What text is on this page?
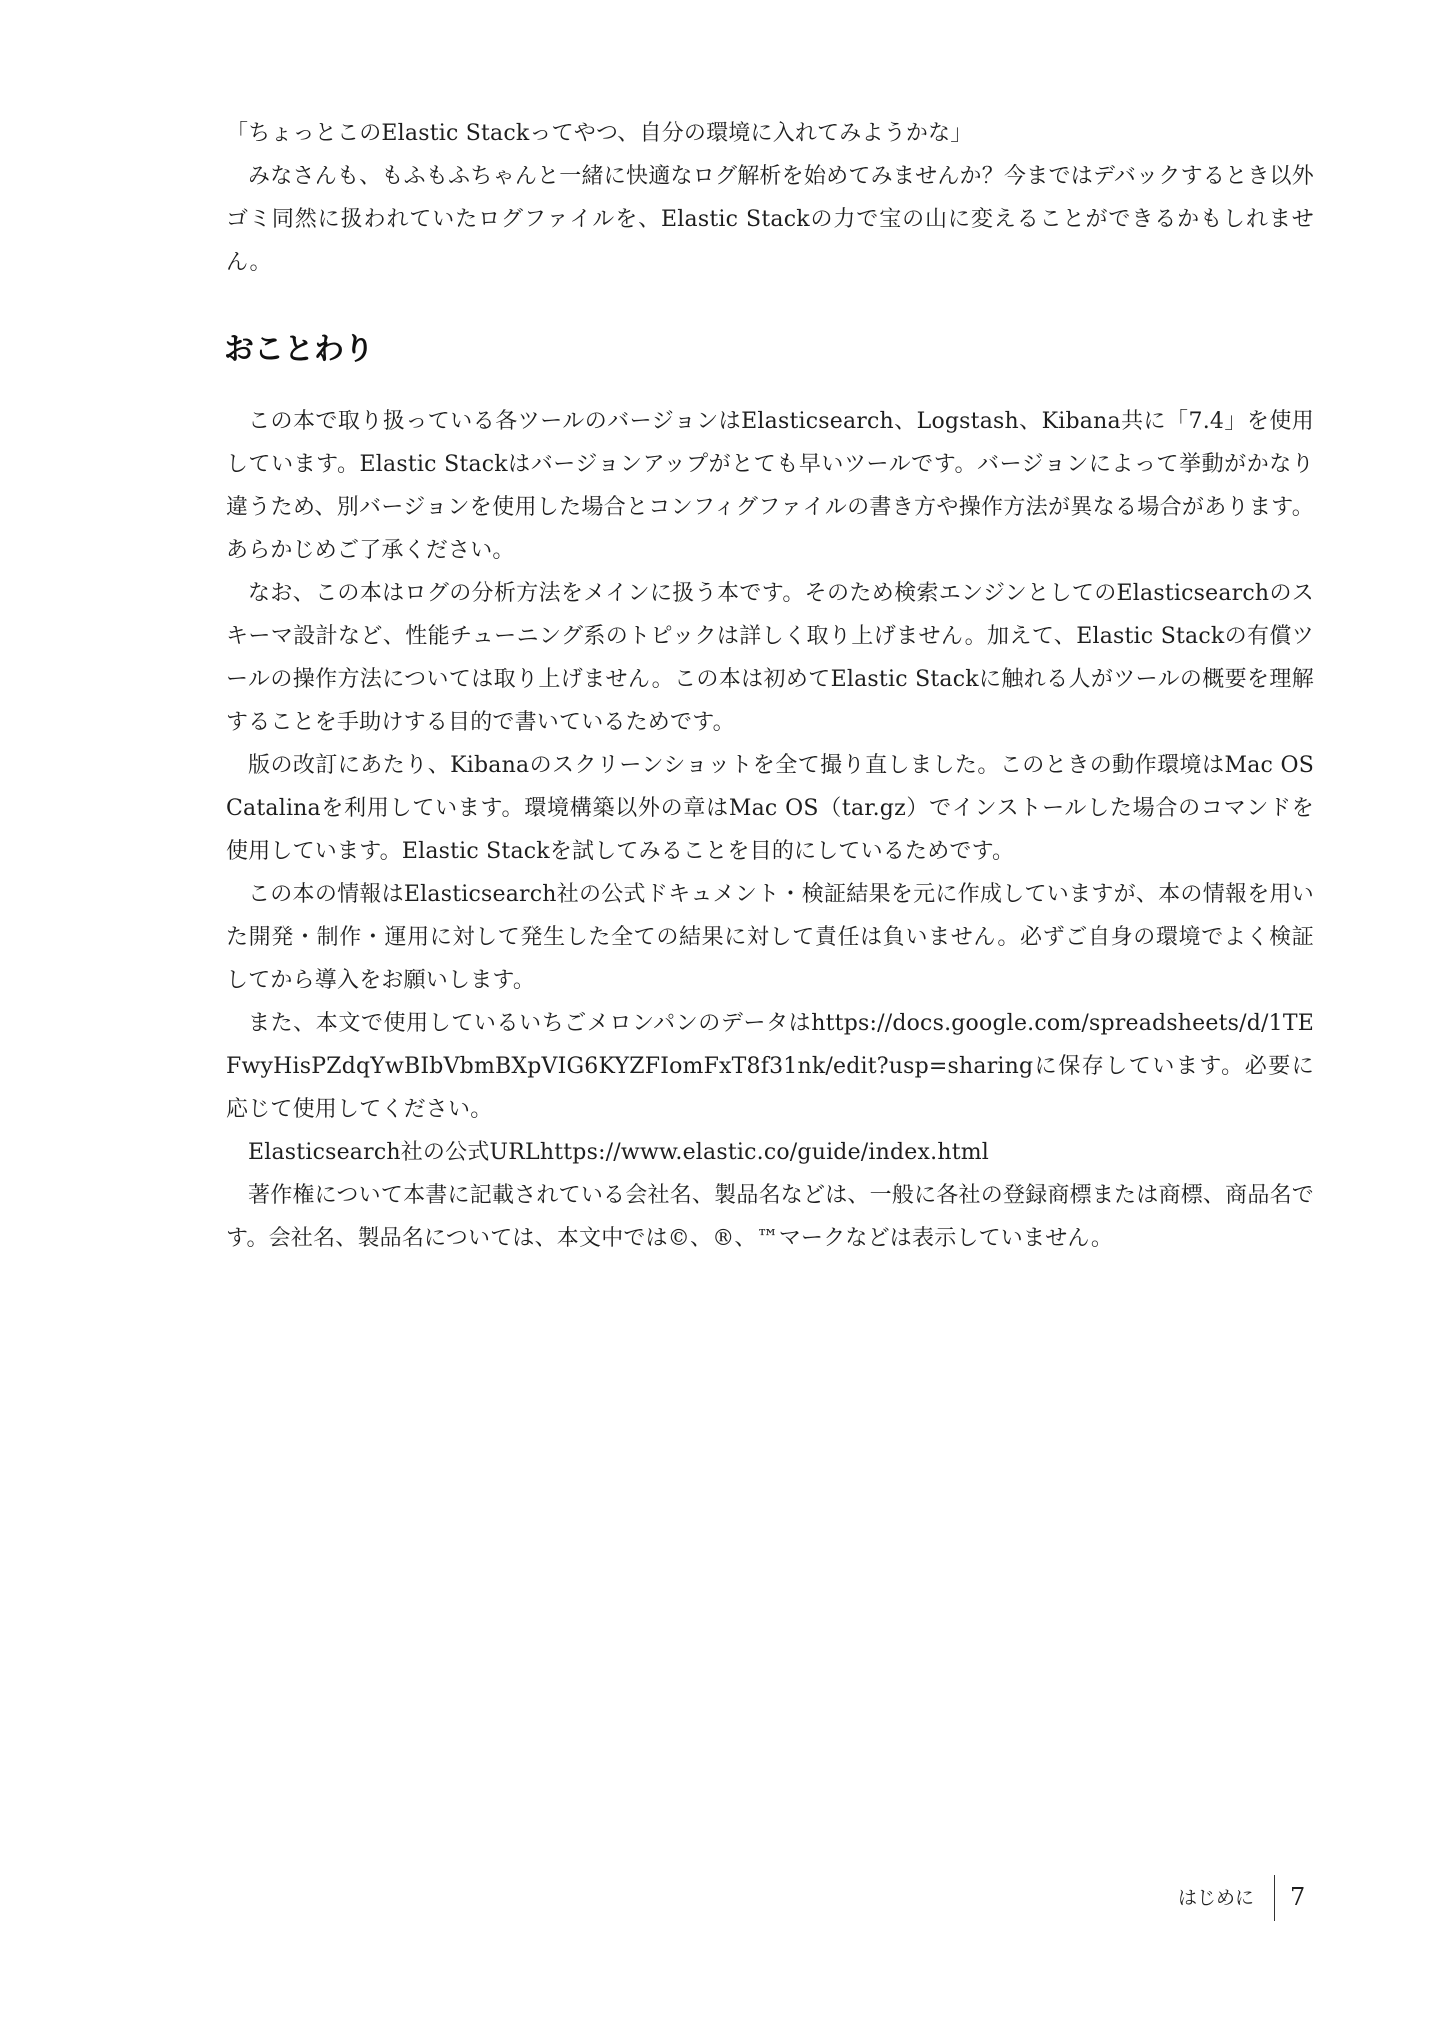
「ちょっとこのElastic Stackってやつ、自分の環境に入れてみようかな」

みなさんも、もふもふちゃんと一緒に快適なログ解析を始めてみませんか？今まではデバックするとき以外ゴミ同然に扱われていたログファイルを、Elastic Stackの力で宝の山に変えることができるかもしれません。

おことわり

この本で取り扱っている各ツールのバージョンはElasticsearch、Logstash、Kibana共に「7.4」を使用しています。Elastic Stackはバージョンアップがとても早いツールです。バージョンによって挙動がかなり違うため、別バージョンを使用した場合とコンフィグファイルの書き方や操作方法が異なる場合があります。あらかじめご了承ください。

なお、この本はログの分析方法をメインに扱う本です。そのため検索エンジンとしてのElasticsearchのスキーマ設計など、性能チューニング系のトピックは詳しく取り上げません。加えて、Elastic Stackの有償ツールの操作方法については取り上げません。この本は初めてElastic Stackに触れる人がツールの概要を理解することを手助けする目的で書いているためです。

版の改訂にあたり、Kibanaのスクリーンショットを全て撮り直しました。このときの動作環境はMac OS Catalinaを利用しています。環境構築以外の章はMac OS（tar.gz）でインストールした場合のコマンドを使用しています。Elastic Stackを試してみることを目的にしているためです。

この本の情報はElasticsearch社の公式ドキュメント・検証結果を元に作成していますが、本の情報を用いた開発・制作・運用に対して発生した全ての結果に対して責任は負いません。必ずご自身の環境でよく検証してから導入をお願いします。

また、本文で使用しているいちごメロンパンのデータはhttps://docs.google.com/spreadsheets/d/1TEFwyHisPZdqYwBIbVbmBXpVIG6KYZFIomFxT8f31nk/edit?usp=sharingに保存しています。必要に応じて使用してください。

Elasticsearch社の公式URLhttps://www.elastic.co/guide/index.html

著作権について本書に記載されている会社名、製品名などは、一般に各社の登録商標または商標、商品名です。会社名、製品名については、本文中では©、®、™マークなどは表示していません。

はじめに 7
